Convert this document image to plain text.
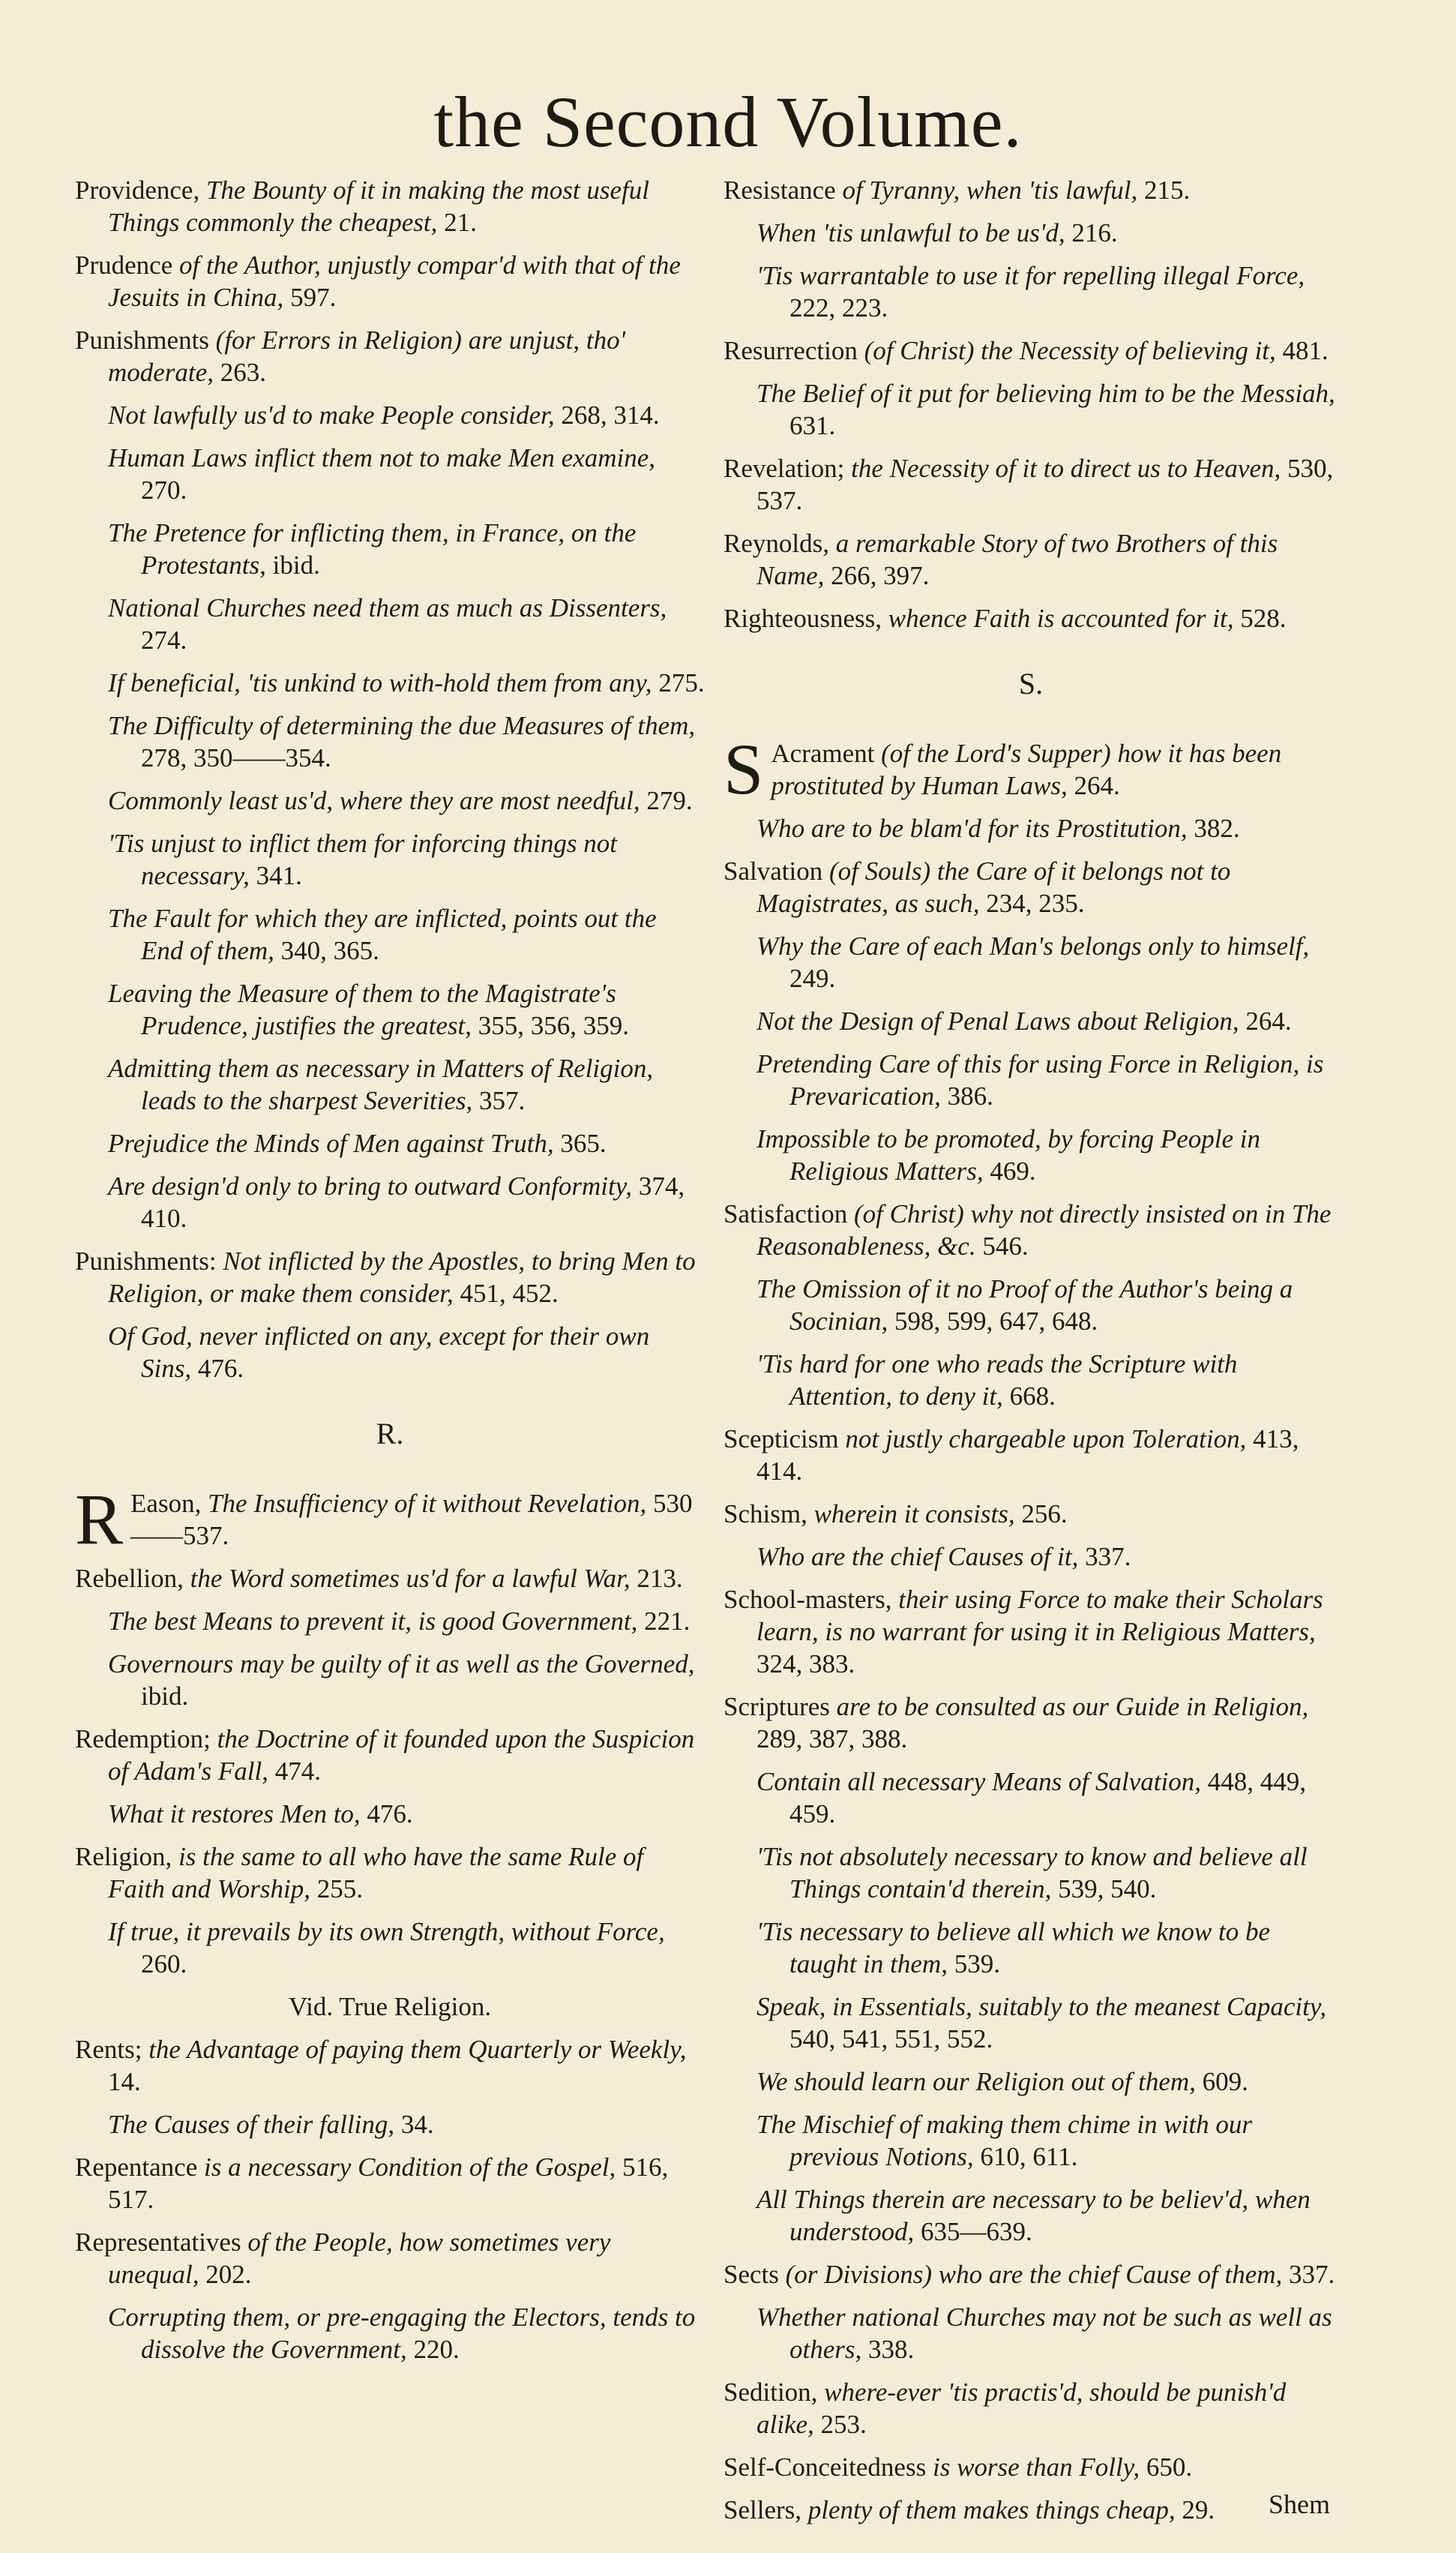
the Second Volume.
Providence, The Bounty of it in making the most useful Things commonly the cheapest, 21.
Prudence of the Author, unjustly compar'd with that of the Jesuits in China, 597.
Punishments (for Errors in Religion) are unjust, tho' moderate, 263.
Not lawfully us'd to make People consider, 268, 314.
Human Laws inflict them not to make Men examine, 270.
The Pretence for inflicting them, in France, on the Protestants, ibid.
National Churches need them as much as Dissenters, 274.
If beneficial, 'tis unkind to with-hold them from any, 275.
The Difficulty of determining the due Measures of them, 278, 350——354.
Commonly least us'd, where they are most needful, 279.
'Tis unjust to inflict them for inforcing things not necessary, 341.
The Fault for which they are inflicted, points out the End of them, 340, 365.
Leaving the Measure of them to the Magistrate's Prudence, justifies the greatest, 355, 356, 359.
Admitting them as necessary in Matters of Religion, leads to the sharpest Severities, 357.
Prejudice the Minds of Men against Truth, 365.
Are design'd only to bring to outward Conformity, 374, 410.
Punishments: Not inflicted by the Apostles, to bring Men to Religion, or make them consider, 451, 452.
Of God, never inflicted on any, except for their own Sins, 476.
R.
R Eason, The Insufficiency of it without Revelation, 530——537.
Rebellion, the Word sometimes us'd for a lawful War, 213.
The best Means to prevent it, is good Government, 221.
Governours may be guilty of it as well as the Governed, ibid.
Redemption; the Doctrine of it founded upon the Suspicion of Adam's Fall, 474.
What it restores Men to, 476.
Religion, is the same to all who have the same Rule of Faith and Worship, 255.
If true, it prevails by its own Strength, without Force, 260.
Vid. True Religion.
Rents; the Advantage of paying them Quarterly or Weekly, 14.
The Causes of their falling, 34.
Repentance is a necessary Condition of the Gospel, 516, 517.
Representatives of the People, how sometimes very unequal, 202.
Corrupting them, or pre-engaging the Electors, tends to dissolve the Government, 220.
Resistance of Tyranny, when 'tis lawful, 215.
When 'tis unlawful to be us'd, 216.
'Tis warrantable to use it for repelling illegal Force, 222, 223.
Resurrection (of Christ) the Necessity of believing it, 481.
The Belief of it put for believing him to be the Messiah, 631.
Revelation; the Necessity of it to direct us to Heaven, 530, 537.
Reynolds, a remarkable Story of two Brothers of this Name, 266, 397.
Righteousness, whence Faith is accounted for it, 528.
S.
S Acrament (of the Lord's Supper) how it has been prostituted by Human Laws, 264.
Who are to be blam'd for its Prostitution, 382.
Salvation (of Souls) the Care of it belongs not to Magistrates, as such, 234, 235.
Why the Care of each Man's belongs only to himself, 249.
Not the Design of Penal Laws about Religion, 264.
Pretending Care of this for using Force in Religion, is Prevarication, 386.
Impossible to be promoted, by forcing People in Religious Matters, 469.
Satisfaction (of Christ) why not directly insisted on in The Reasonableness, &c. 546.
The Omission of it no Proof of the Author's being a Socinian, 598, 599, 647, 648.
'Tis hard for one who reads the Scripture with Attention, to deny it, 668.
Scepticism not justly chargeable upon Toleration, 413, 414.
Schism, wherein it consists, 256.
Who are the chief Causes of it, 337.
School-masters, their using Force to make their Scholars learn, is no warrant for using it in Religious Matters, 324, 383.
Scriptures are to be consulted as our Guide in Religion, 289, 387, 388.
Contain all necessary Means of Salvation, 448, 449, 459.
'Tis not absolutely necessary to know and believe all Things contain'd therein, 539, 540.
'Tis necessary to believe all which we know to be taught in them, 539.
Speak, in Essentials, suitably to the meanest Capacity, 540, 541, 551, 552.
We should learn our Religion out of them, 609.
The Mischief of making them chime in with our previous Notions, 610, 611.
All Things therein are necessary to be believ'd, when understood, 635—639.
Sects (or Divisions) who are the chief Cause of them, 337.
Whether national Churches may not be such as well as others, 338.
Sedition, where-ever 'tis practis'd, should be punish'd alike, 253.
Self-Conceitedness is worse than Folly, 650.
Sellers, plenty of them makes things cheap, 29.	Shem
